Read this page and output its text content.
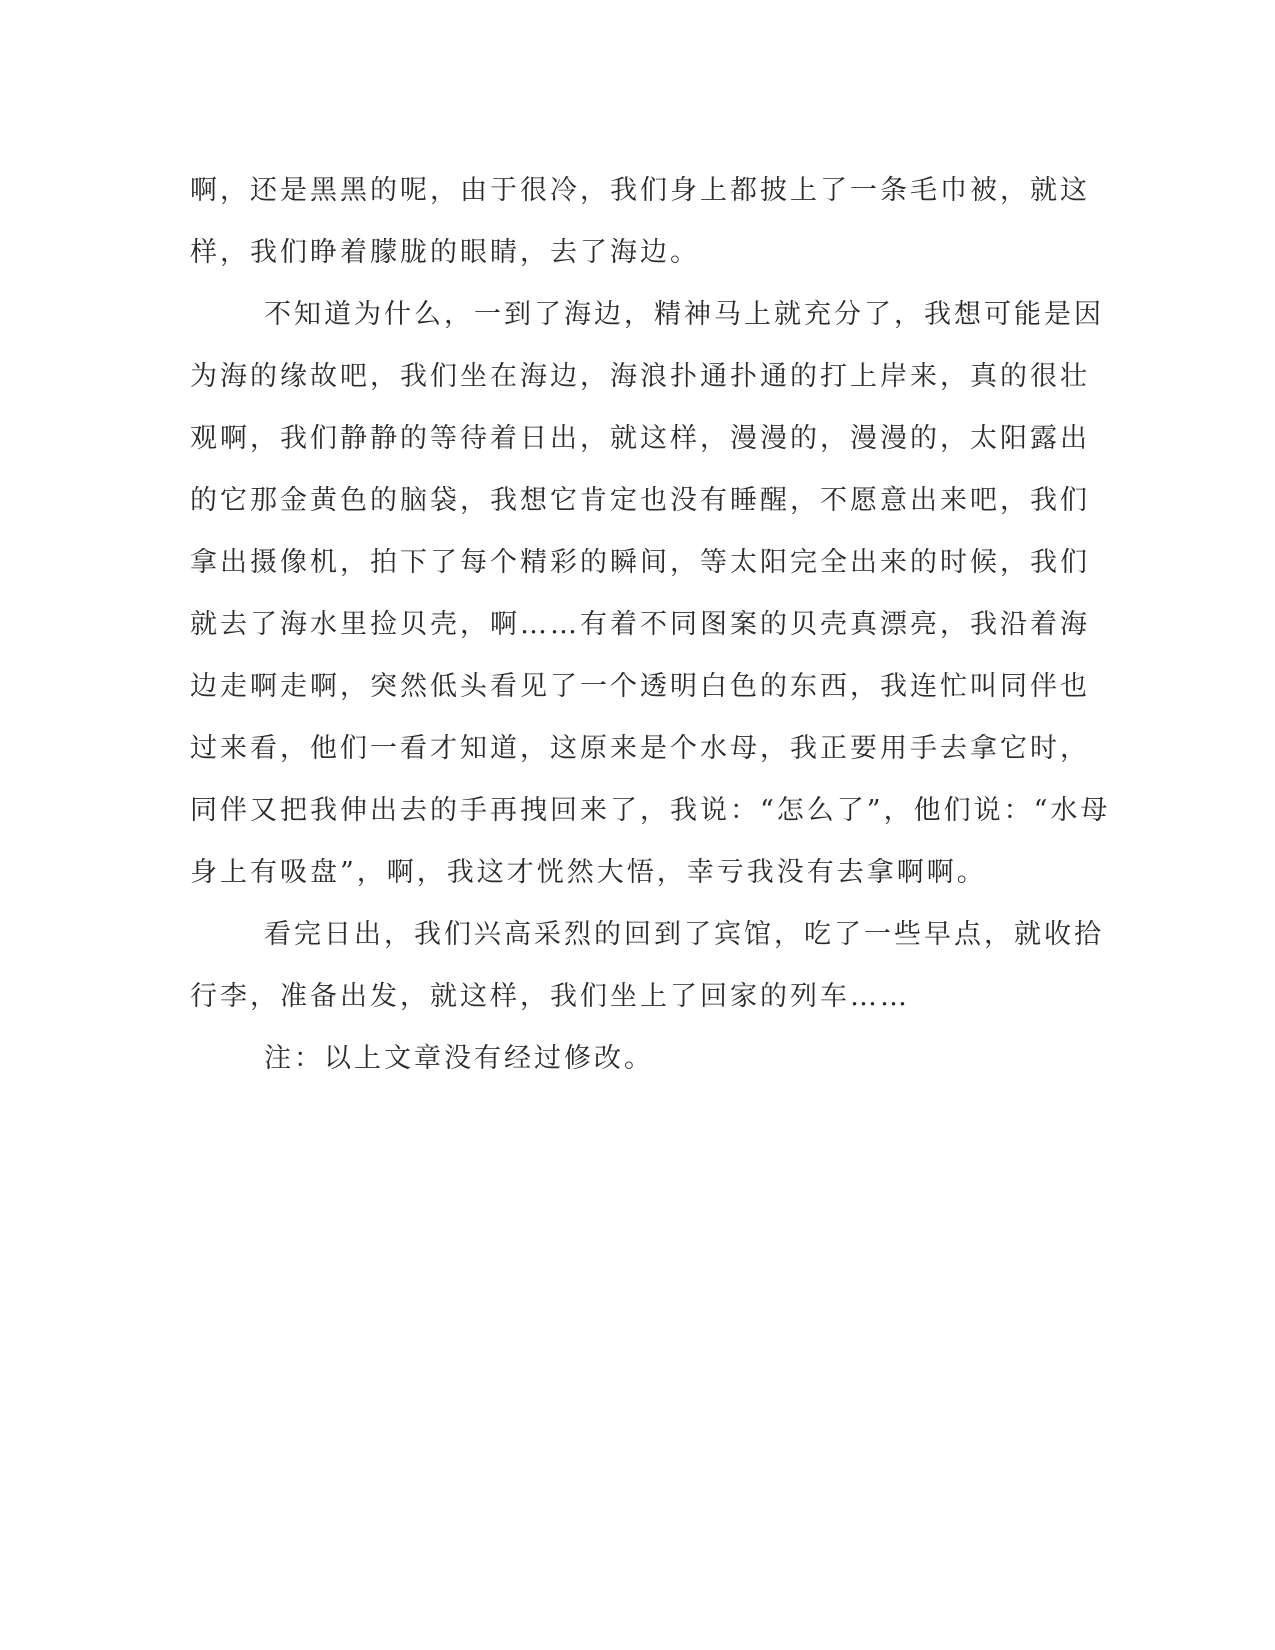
啊，还是黑黑的呢，由于很冷，我们身上都披上了一条毛巾被，就这
样，我们睁着朦胧的眼睛，去了海边。
不知道为什么，一到了海边，精神马上就充分了，我想可能是因
为海的缘故吧，我们坐在海边，海浪扑通扑通的打上岸来，真的很壮
观啊，我们静静的等待着日出，就这样，漫漫的，漫漫的，太阳露出
的它那金黄色的脑袋，我想它肯定也没有睡醒，不愿意出来吧，我们
拿出摄像机，拍下了每个精彩的瞬间，等太阳完全出来的时候，我们
就去了海水里捡贝壳，啊……有着不同图案的贝壳真漂亮，我沿着海
边走啊走啊，突然低头看见了一个透明白色的东西，我连忙叫同伴也
过来看，他们一看才知道，这原来是个水母，我正要用手去拿它时，
同伴又把我伸出去的手再拽回来了，我说：“怎么了”，他们说：“水母
身上有吸盘”，啊，我这才恍然大悟，幸亏我没有去拿啊啊。
看完日出，我们兴高采烈的回到了宾馆，吃了一些早点，就收拾
行李，准备出发，就这样，我们坐上了回家的列车……
注：以上文章没有经过修改。
